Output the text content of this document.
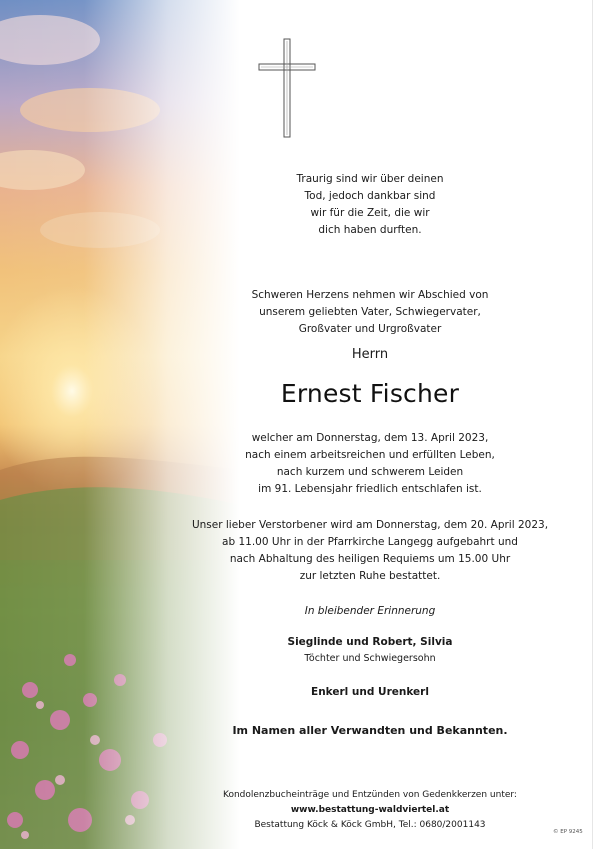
Traurig sind wir über deinen
Tod, jedoch dankbar sind
wir für die Zeit, die wir
dich haben durften.
Schweren Herzens nehmen wir Abschied von
unserem geliebten Vater, Schwiegervater,
Großvater und Urgroßvater
Herrn
Ernest Fischer
welcher am Donnerstag, dem 13. April 2023,
nach einem arbeitsreichen und erfüllten Leben,
nach kurzem und schwerem Leiden
im 91. Lebensjahr friedlich entschlafen ist.
Unser lieber Verstorbener wird am Donnerstag, dem 20. April 2023,
ab 11.00 Uhr in der Pfarrkirche Langegg aufgebahrt und
nach Abhaltung des heiligen Requiems um 15.00 Uhr
zur letzten Ruhe bestattet.
In bleibender Erinnerung
Sieglinde und Robert, Silvia
Töchter und Schwiegersohn
Enkerl und Urenkerl
Im Namen aller Verwandten und Bekannten.
Kondolenzbucheinträge und Entzünden von Gedenkkerzen unter:
www.bestattung-waldviertel.at
Bestattung Köck & Köck GmbH, Tel.: 0680/2001143
© EP 9245
